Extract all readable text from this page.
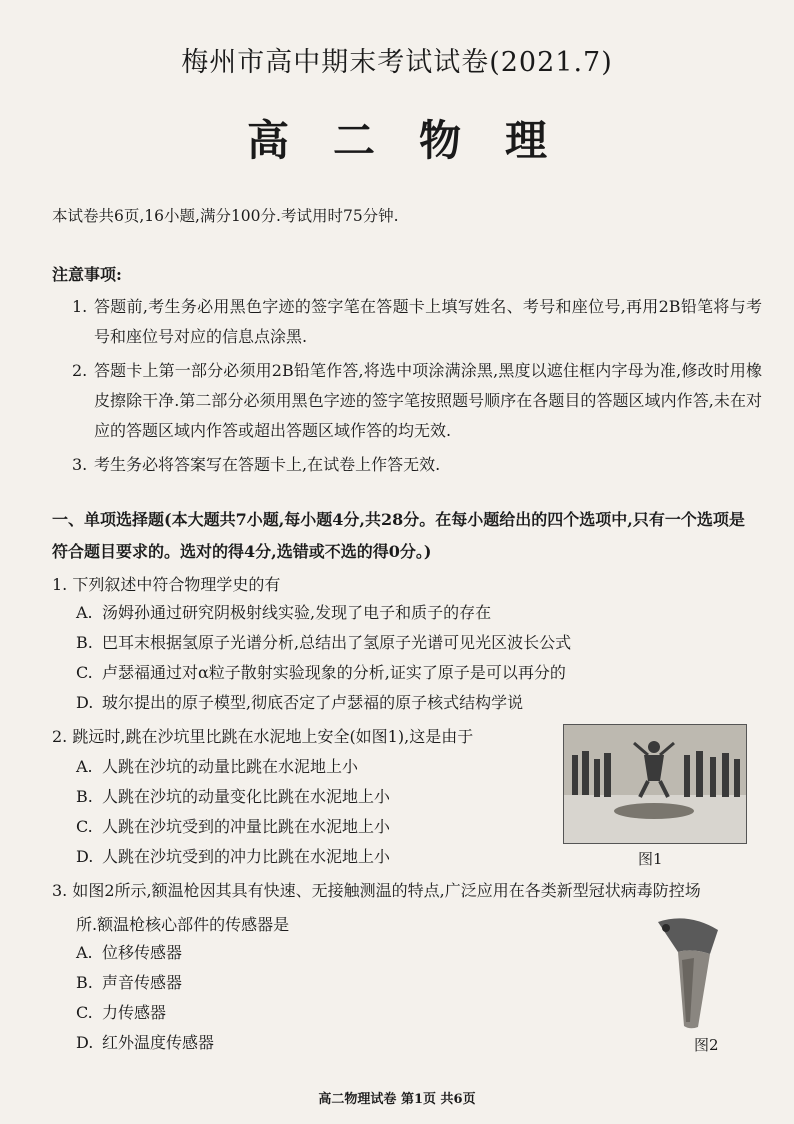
梅州市高中期末考试试卷(2021.7)
高二物理
本试卷共6页,16小题,满分100分.考试用时75分钟.
注意事项:
1. 答题前,考生务必用黑色字迹的签字笔在答题卡上填写姓名、考号和座位号,再用2B铅笔将与考号和座位号对应的信息点涂黑.
2. 答题卡上第一部分必须用2B铅笔作答,将选中项涂满涂黑,黑度以遮住框内字母为准,修改时用橡皮擦除干净.第二部分必须用黑色字迹的签字笔按照题号顺序在各题目的答题区域内作答,未在对应的答题区域内作答或超出答题区域作答的均无效.
3. 考生务必将答案写在答题卡上,在试卷上作答无效.
一、单项选择题(本大题共7小题,每小题4分,共28分。在每小题给出的四个选项中,只有一个选项是符合题目要求的。选对的得4分,选错或不选的得0分。)
1. 下列叙述中符合物理学史的有
A. 汤姆孙通过研究阴极射线实验,发现了电子和质子的存在
B. 巴耳末根据氢原子光谱分析,总结出了氢原子光谱可见光区波长公式
C. 卢瑟福通过对α粒子散射实验现象的分析,证实了原子是可以再分的
D. 玻尔提出的原子模型,彻底否定了卢瑟福的原子核式结构学说
2. 跳远时,跳在沙坑里比跳在水泥地上安全(如图1),这是由于
A. 人跳在沙坑的动量比跳在水泥地上小
B. 人跳在沙坑的动量变化比跳在水泥地上小
C. 人跳在沙坑受到的冲量比跳在水泥地上小
D. 人跳在沙坑受到的冲力比跳在水泥地上小	图1
3. 如图2所示,额温枪因其具有快速、无接触测温的特点,广泛应用在各类新型冠状病毒防控场
所.额温枪核心部件的传感器是
A. 位移传感器
B. 声音传感器
C. 力传感器
D. 红外温度传感器	图2
高二物理试卷 第1页 共6页
